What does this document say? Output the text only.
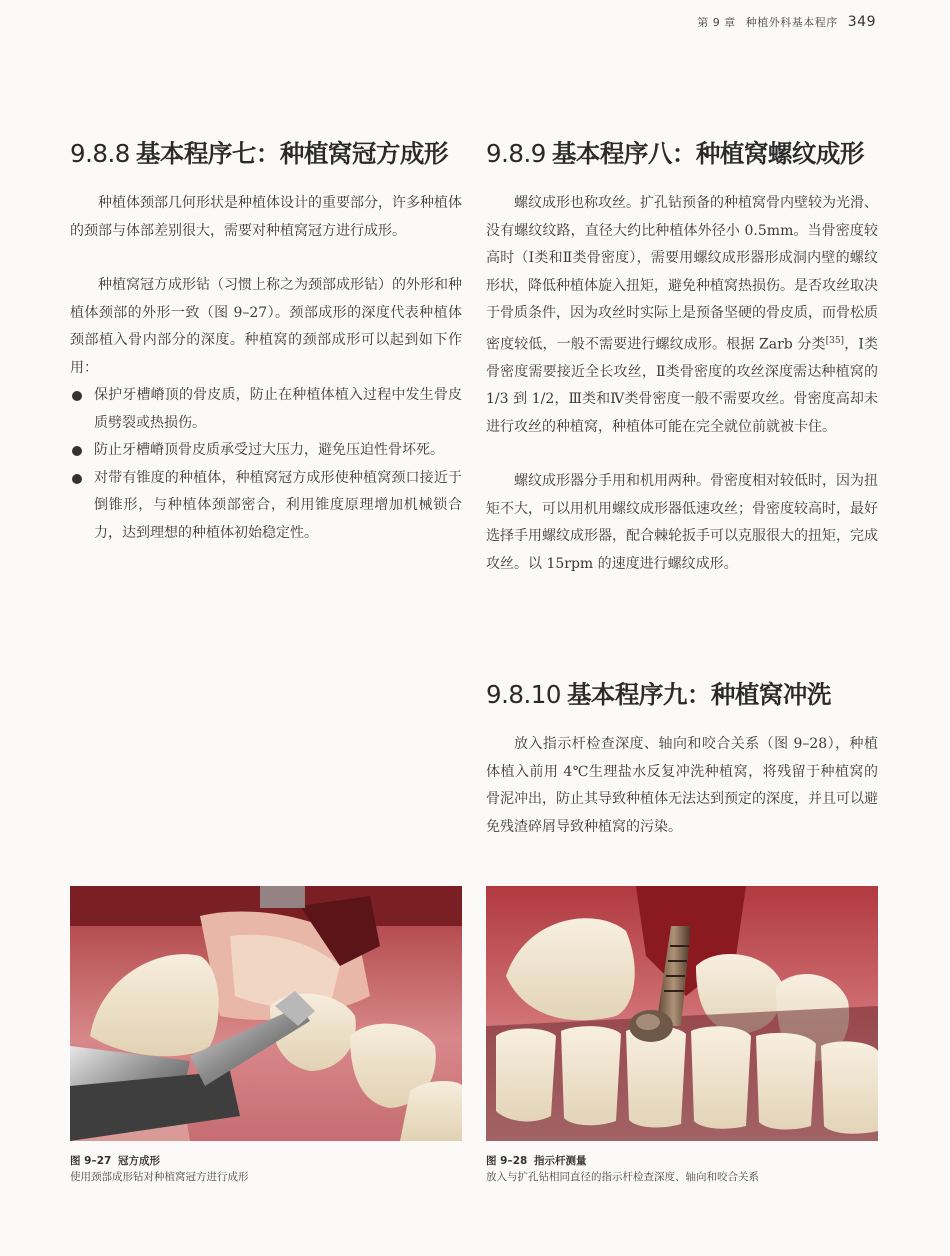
第 9 章 种植外科基本程序 349
9.8.8 基本程序七：种植窝冠方成形

种植体颈部几何形状是种植体设计的重要部分，许多种植体的颈部与体部差别很大，需要对种植窝冠方进行成形。

种植窝冠方成形钻（习惯上称之为颈部成形钻）的外形和种植体颈部的外形一致（图 9–27）。颈部成形的深度代表种植体颈部植入骨内部分的深度。种植窝的颈部成形可以起到如下作用：

保护牙槽嵴顶的骨皮质，防止在种植体植入过程中发生骨皮质劈裂或热损伤。
防止牙槽嵴顶骨皮质承受过大压力，避免压迫性骨坏死。
对带有锥度的种植体，种植窝冠方成形使种植窝颈口接近于倒锥形，与种植体颈部密合，利用锥度原理增加机械锁合力，达到理想的种植体初始稳定性。
9.8.9 基本程序八：种植窝螺纹成形

螺纹成形也称攻丝。扩孔钻预备的种植窝骨内壁较为光滑、没有螺纹纹路，直径大约比种植体外径小 0.5mm。当骨密度较高时（Ⅰ类和Ⅱ类骨密度），需要用螺纹成形器形成洞内壁的螺纹形状，降低种植体旋入扭矩，避免种植窝热损伤。是否攻丝取决于骨质条件，因为攻丝时实际上是预备坚硬的骨皮质，而骨松质密度较低，一般不需要进行螺纹成形。根据 Zarb 分类[35]，Ⅰ类骨密度需要接近全长攻丝，Ⅱ类骨密度的攻丝深度需达种植窝的 1/3 到 1/2，Ⅲ类和Ⅳ类骨密度一般不需要攻丝。骨密度高却未进行攻丝的种植窝，种植体可能在完全就位前就被卡住。

螺纹成形器分手用和机用两种。骨密度相对较低时，因为扭矩不大，可以用机用螺纹成形器低速攻丝；骨密度较高时，最好选择手用螺纹成形器，配合棘轮扳手可以克服很大的扭矩，完成攻丝。以 15rpm 的速度进行螺纹成形。

9.8.10 基本程序九：种植窝冲洗

放入指示杆检查深度、轴向和咬合关系（图 9–28），种植体植入前用 4℃生理盐水反复冲洗种植窝，将残留于种植窝的骨泥冲出，防止其导致种植体无法达到预定的深度，并且可以避免残渣碎屑导致种植窝的污染。

图 9–27 冠方成形
使用颈部成形钻对种植窝冠方进行成形
图 9–28 指示杆测量
放入与扩孔钻相同直径的指示杆检查深度、轴向和咬合关系
